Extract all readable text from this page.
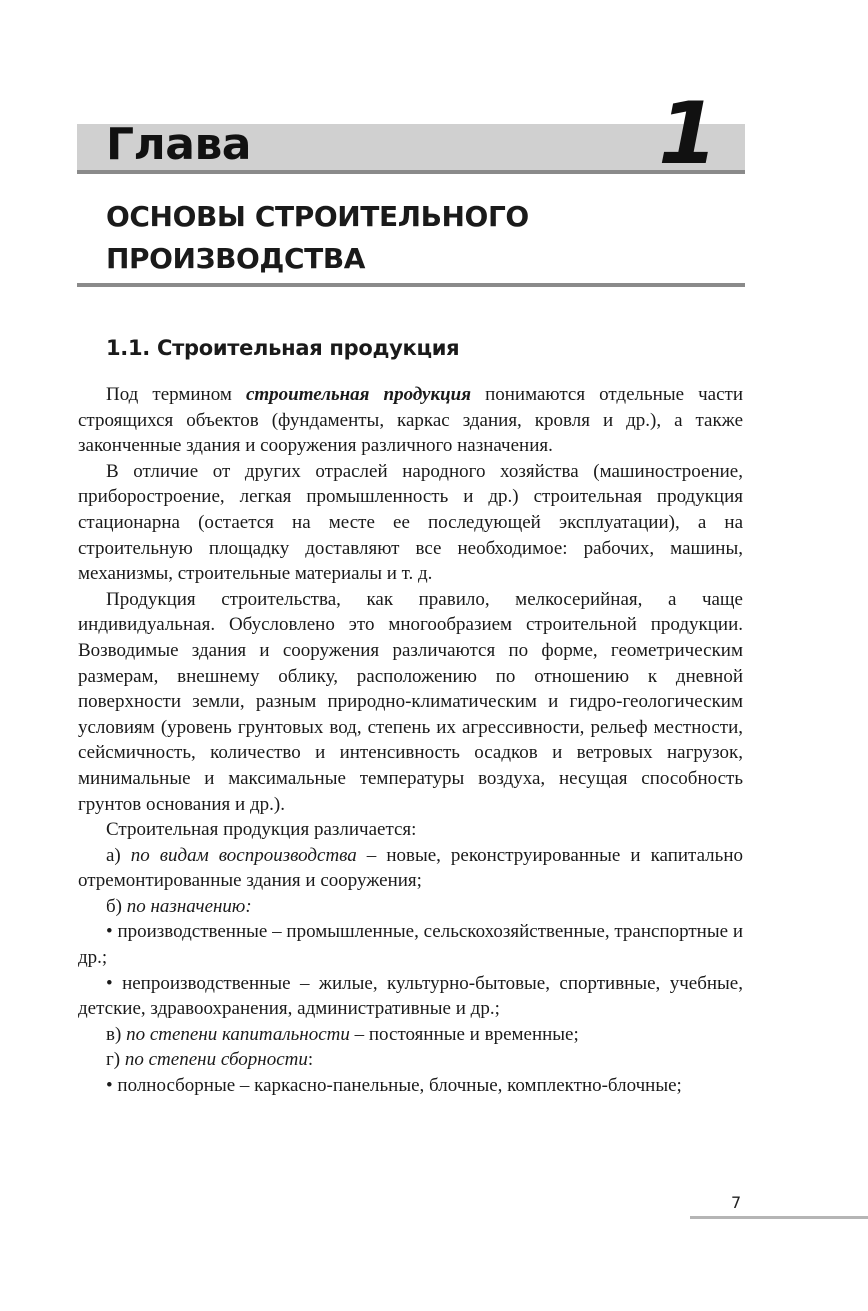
Глава	1
ОСНОВЫ СТРОИТЕЛЬНОГО
ПРОИЗВОДСТВА
1.1. Строительная продукция

Под термином строительная продукция понимаются отдельные части строящихся объектов (фундаменты, каркас здания, кровля и др.), а также законченные здания и сооружения различного назначения.

В отличие от других отраслей народного хозяйства (машиностроение, приборостроение, легкая промышленность и др.) строительная продукция стационарна (остается на месте ее последующей эксплуатации), а на строительную площадку доставляют все необходимое: рабочих, машины, механизмы, строительные материалы и т. д.

Продукция строительства, как правило, мелкосерийная, а чаще индивидуальная. Обусловлено это многообразием строительной продукции. Возводимые здания и сооружения различаются по форме, геометрическим размерам, внешнему облику, расположению по отношению к дневной поверхности земли, разным природно-климатическим и гидро-геологическим условиям (уровень грунтовых вод, степень их агрессивности, рельеф местности, сейсмичность, количество и интенсивность осадков и ветровых нагрузок, минимальные и максимальные температуры воздуха, несущая способность грунтов основания и др.).

Строительная продукция различается:

а) по видам воспроизводства – новые, реконструированные и капитально отремонтированные здания и сооружения;

б) по назначению:

• производственные – промышленные, сельскохозяйственные, транспортные и др.;

• непроизводственные – жилые, культурно-бытовые, спортивные, учебные, детские, здравоохранения, административные и др.;

в) по степени капитальности – постоянные и временные;

г) по степени сборности:

• полносборные – каркасно-панельные, блочные, комплектно-блочные;

7
